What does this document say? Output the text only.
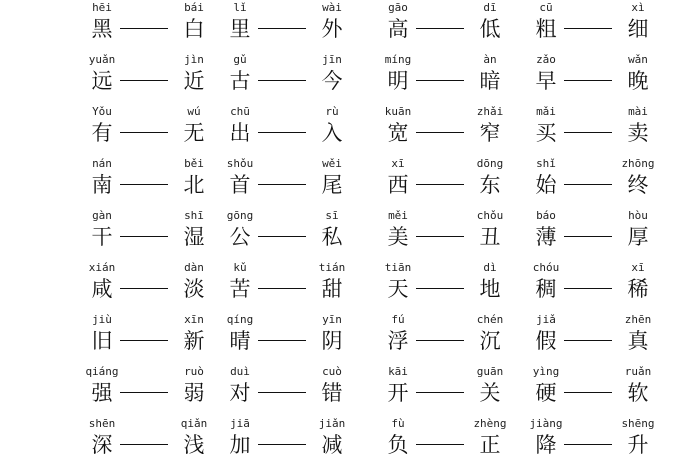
hēi	bái
黑	白
lǐ	wài
里	外
gāo	dī
高	低
cū	xì
粗	细
yuǎn	jìn
远	近
gǔ	jīn
古	今
míng	àn
明	暗
zǎo	wǎn
早	晚
Yǒu	wú
有	无
chū	rù
出	入
kuān	zhǎi
宽	窄
mǎi	mài
买	卖
nán	běi
南	北
shǒu	wěi
首	尾
xī	dōng
西	东
shǐ	zhōng
始	终
gàn	shī
干	湿
gōng	sī
公	私
měi	chǒu
美	丑
báo	hòu
薄	厚
xián	dàn
咸	淡
kǔ	tián
苦	甜
tiān	dì
天	地
chóu	xī
稠	稀
jiù	xīn
旧	新
qíng	yīn
晴	阴
fú	chén
浮	沉
jiǎ	zhēn
假	真
qiáng	ruò
强	弱
duì	cuò
对	错
kāi	guān
开	关
yìng	ruǎn
硬	软
shēn	qiǎn
深	浅
jiā	jiǎn
加	减
fù	zhèng
负	正
jiàng	shēng
降	升
